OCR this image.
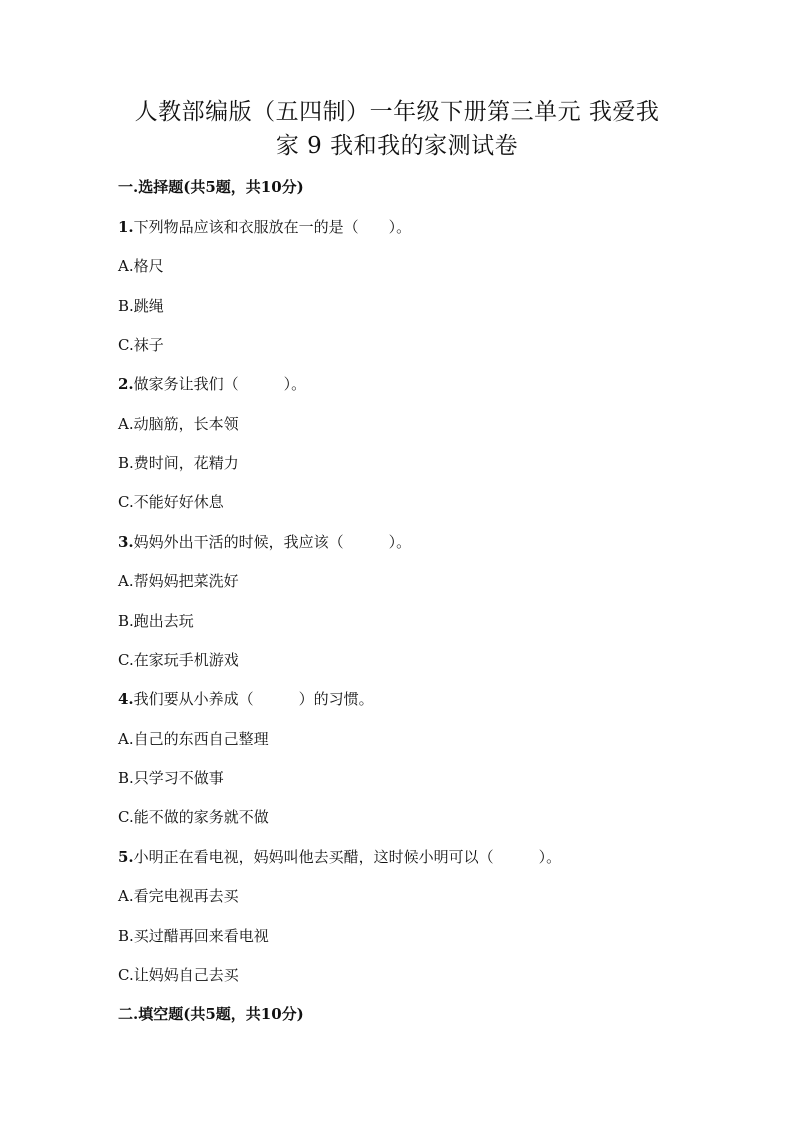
人教部编版（五四制）一年级下册第三单元 我爱我
家 9 我和我的家测试卷
一.选择题(共5题，共10分)
1.下列物品应该和衣服放在一的是（　　）。
A.格尺
B.跳绳
C.袜子
2.做家务让我们（　　　）。
A.动脑筋，长本领
B.费时间，花精力
C.不能好好休息
3.妈妈外出干活的时候，我应该（　　　）。
A.帮妈妈把菜洗好
B.跑出去玩
C.在家玩手机游戏
4.我们要从小养成（　　　）的习惯。
A.自己的东西自己整理
B.只学习不做事
C.能不做的家务就不做
5.小明正在看电视，妈妈叫他去买醋，这时候小明可以（　　　）。
A.看完电视再去买
B.买过醋再回来看电视
C.让妈妈自己去买
二.填空题(共5题，共10分)
